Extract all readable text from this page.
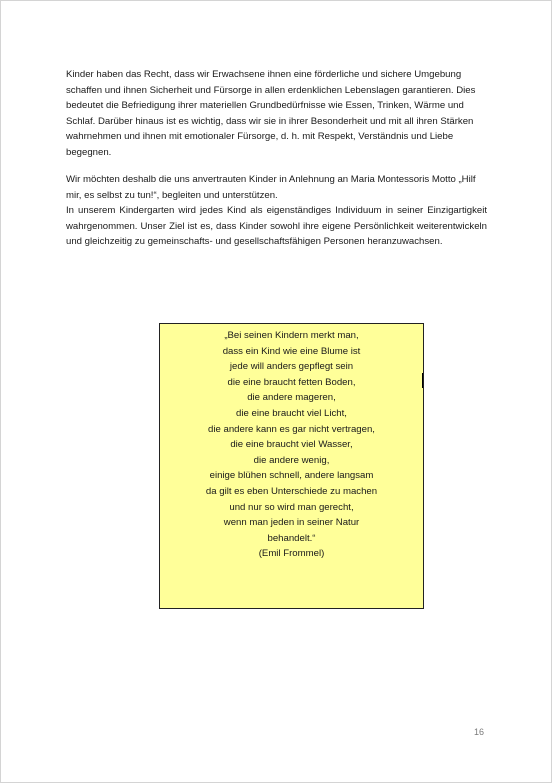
Kinder haben das Recht, dass wir Erwachsene ihnen eine förderliche und sichere Umgebung schaffen und ihnen Sicherheit und Fürsorge in allen erdenklichen Lebenslagen garantieren. Dies bedeutet die Befriedigung ihrer materiellen Grundbedürfnisse wie Essen, Trinken, Wärme und Schlaf. Darüber hinaus ist es wichtig, dass wir sie in ihrer Besonderheit und mit all ihren Stärken wahrnehmen und ihnen mit emotionaler Fürsorge, d. h. mit Respekt, Verständnis und Liebe begegnen.

Wir möchten deshalb die uns anvertrauten Kinder in Anlehnung an Maria Montessoris Motto „Hilf mir, es selbst zu tun!“, begleiten und unterstützen.

In unserem Kindergarten wird jedes Kind als eigenständiges Individuum in seiner Einzigartigkeit wahrgenommen. Unser Ziel ist es, dass Kinder sowohl ihre eigene Persönlichkeit weiterentwickeln und gleichzeitig zu gemeinschafts- und gesellschaftsfähigen Personen heranzuwachsen.

„Bei seinen Kindern merkt man,
dass ein Kind wie eine Blume ist
jede will anders gepflegt sein
die eine braucht fetten Boden,
die andere mageren,
die eine braucht viel Licht,
die andere kann es gar nicht vertragen,
die eine braucht viel Wasser,
die andere wenig,
einige blühen schnell, andere langsam
da gilt es eben Unterschiede zu machen
und nur so wird man gerecht,
wenn man jeden in seiner Natur
behandelt.“
(Emil Frommel)
16
